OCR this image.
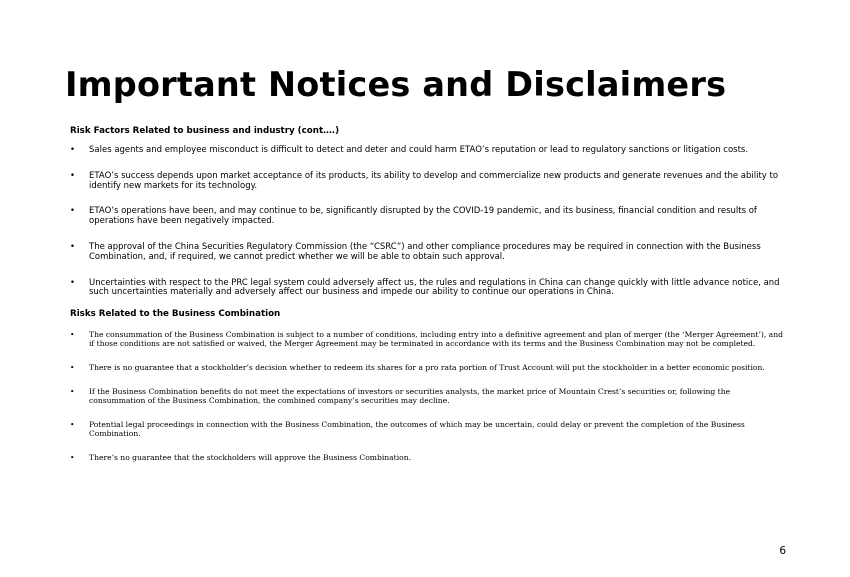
Important Notices and Disclaimers

Risk Factors Related to business and industry (cont….)

• Sales agents and employee misconduct is difficult to detect and deter and could harm ETAO’s reputation or lead to regulatory sanctions or litigation costs.
• ETAO’s success depends upon market acceptance of its products, its ability to develop and commercialize new products and generate revenues and the ability to identify new markets for its technology.
• ETAO’s operations have been, and may continue to be, significantly disrupted by the COVID-19 pandemic, and its business, financial condition and results of operations have been negatively impacted.
• The approval of the China Securities Regulatory Commission (the “CSRC”) and other compliance procedures may be required in connection with the Business Combination, and, if required, we cannot predict whether we will be able to obtain such approval.
• Uncertainties with respect to the PRC legal system could adversely affect us, the rules and regulations in China can change quickly with little advance notice, and such uncertainties materially and adversely affect our business and impede our ability to continue our operations in China.

Risks Related to the Business Combination

• The consummation of the Business Combination is subject to a number of conditions, including entry into a definitive agreement and plan of merger (the ‘Merger Agreement’), and if those conditions are not satisfied or waived, the Merger Agreement may be terminated in accordance with its terms and the Business Combination may not be completed.
• There is no guarantee that a stockholder’s decision whether to redeem its shares for a pro rata portion of Trust Account will put the stockholder in a better economic position.
• If the Business Combination benefits do not meet the expectations of investors or securities analysts, the market price of Mountain Crest’s securities or, following the consummation of the Business Combination, the combined company’s securities may decline.
• Potential legal proceedings in connection with the Business Combination, the outcomes of which may be uncertain, could delay or prevent the completion of the Business Combination.
• There’s no guarantee that the stockholders will approve the Business Combination.
6
